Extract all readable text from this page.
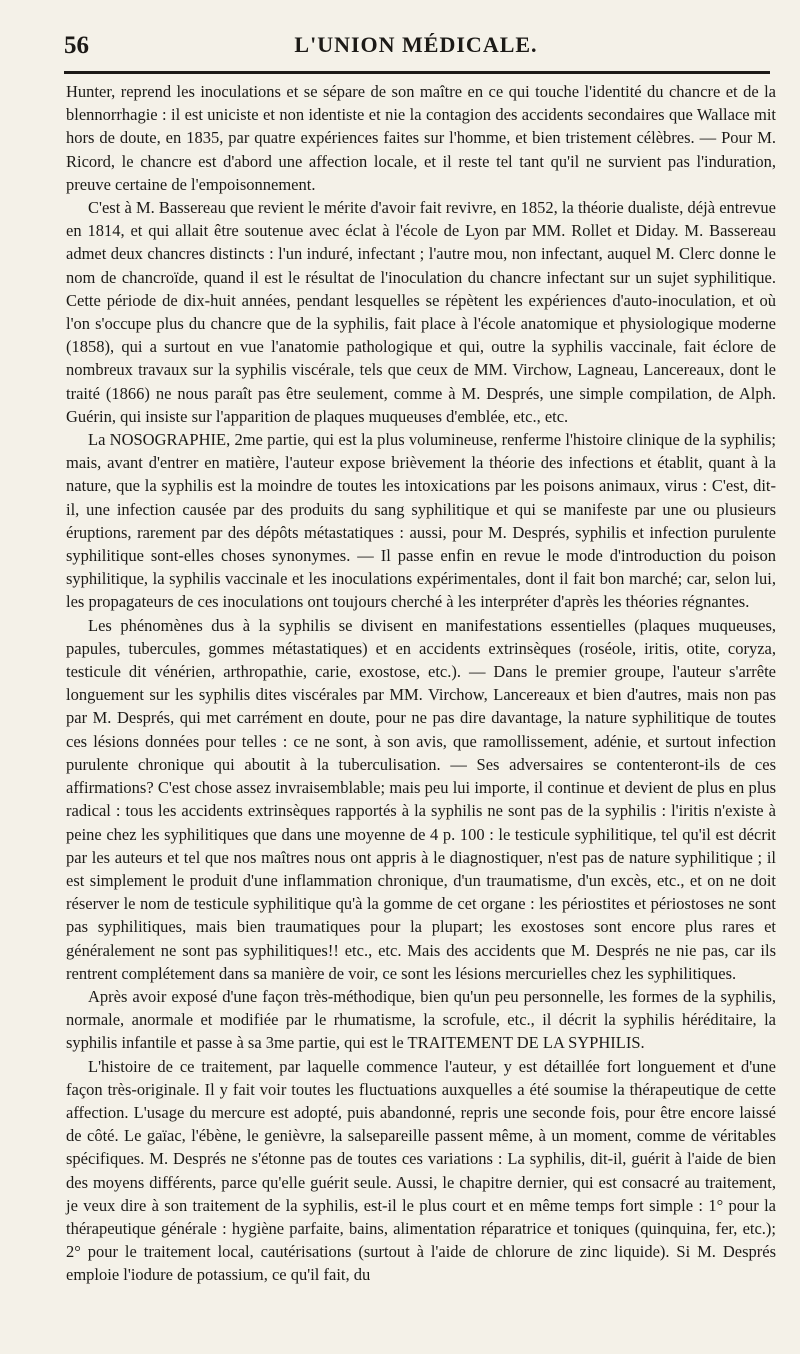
56	L'UNION MÉDICALE.

Hunter, reprend les inoculations et se sépare de son maître en ce qui touche l'identité du chancre et de la blennorrhagie : il est uniciste et non identiste et nie la contagion des accidents secondaires que Wallace mit hors de doute, en 1835, par quatre expériences faites sur l'homme, et bien tristement célèbres. — Pour M. Ricord, le chancre est d'abord une affection locale, et il reste tel tant qu'il ne survient pas l'induration, preuve certaine de l'empoisonnement.

C'est à M. Bassereau que revient le mérite d'avoir fait revivre, en 1852, la théorie dualiste, déjà entrevue en 1814, et qui allait être soutenue avec éclat à l'école de Lyon par MM. Rollet et Diday. M. Bassereau admet deux chancres distincts : l'un induré, infectant ; l'autre mou, non infectant, auquel M. Clerc donne le nom de chancroïde, quand il est le résultat de l'inoculation du chancre infectant sur un sujet syphilitique. Cette période de dix-huit années, pendant lesquelles se répètent les expériences d'auto-inoculation, et où l'on s'occupe plus du chancre que de la syphilis, fait place à l'école anatomique et physiologique moderne (1858), qui a surtout en vue l'anatomie pathologique et qui, outre la syphilis vaccinale, fait éclore de nombreux travaux sur la syphilis viscérale, tels que ceux de MM. Virchow, Lagneau, Lancereaux, dont le traité (1866) ne nous paraît pas être seulement, comme à M. Després, une simple compilation, de Alph. Guérin, qui insiste sur l'apparition de plaques muqueuses d'emblée, etc., etc.

La NOSOGRAPHIE, 2me partie, qui est la plus volumineuse, renferme l'histoire clinique de la syphilis; mais, avant d'entrer en matière, l'auteur expose brièvement la théorie des infections et établit, quant à la nature, que la syphilis est la moindre de toutes les intoxications par les poisons animaux, virus : C'est, dit-il, une infection causée par des produits du sang syphilitique et qui se manifeste par une ou plusieurs éruptions, rarement par des dépôts métastatiques : aussi, pour M. Després, syphilis et infection purulente syphilitique sont-elles choses synonymes. — Il passe enfin en revue le mode d'introduction du poison syphilitique, la syphilis vaccinale et les inoculations expérimentales, dont il fait bon marché; car, selon lui, les propagateurs de ces inoculations ont toujours cherché à les interpréter d'après les théories régnantes.

Les phénomènes dus à la syphilis se divisent en manifestations essentielles (plaques muqueuses, papules, tubercules, gommes métastatiques) et en accidents extrinsèques (roséole, iritis, otite, coryza, testicule dit vénérien, arthropathie, carie, exostose, etc.). — Dans le premier groupe, l'auteur s'arrête longuement sur les syphilis dites viscérales par MM. Virchow, Lancereaux et bien d'autres, mais non pas par M. Després, qui met carrément en doute, pour ne pas dire davantage, la nature syphilitique de toutes ces lésions données pour telles : ce ne sont, à son avis, que ramollissement, adénie, et surtout infection purulente chronique qui aboutit à la tuberculisation. — Ses adversaires se contenteront-ils de ces affirmations? C'est chose assez invraisemblable; mais peu lui importe, il continue et devient de plus en plus radical : tous les accidents extrinsèques rapportés à la syphilis ne sont pas de la syphilis : l'iritis n'existe à peine chez les syphilitiques que dans une moyenne de 4 p. 100 : le testicule syphilitique, tel qu'il est décrit par les auteurs et tel que nos maîtres nous ont appris à le diagnostiquer, n'est pas de nature syphilitique ; il est simplement le produit d'une inflammation chronique, d'un traumatisme, d'un excès, etc., et on ne doit réserver le nom de testicule syphilitique qu'à la gomme de cet organe : les périostites et périostoses ne sont pas syphilitiques, mais bien traumatiques pour la plupart; les exostoses sont encore plus rares et généralement ne sont pas syphilitiques!! etc., etc. Mais des accidents que M. Després ne nie pas, car ils rentrent complétement dans sa manière de voir, ce sont les lésions mercurielles chez les syphilitiques.

Après avoir exposé d'une façon très-méthodique, bien qu'un peu personnelle, les formes de la syphilis, normale, anormale et modifiée par le rhumatisme, la scrofule, etc., il décrit la syphilis héréditaire, la syphilis infantile et passe à sa 3me partie, qui est le TRAITEMENT DE LA SYPHILIS.

L'histoire de ce traitement, par laquelle commence l'auteur, y est détaillée fort longuement et d'une façon très-originale. Il y fait voir toutes les fluctuations auxquelles a été soumise la thérapeutique de cette affection. L'usage du mercure est adopté, puis abandonné, repris une seconde fois, pour être encore laissé de côté. Le gaïac, l'ébène, le genièvre, la salsepareille passent même, à un moment, comme de véritables spécifiques. M. Després ne s'étonne pas de toutes ces variations : La syphilis, dit-il, guérit à l'aide de bien des moyens différents, parce qu'elle guérit seule. Aussi, le chapitre dernier, qui est consacré au traitement, je veux dire à son traitement de la syphilis, est-il le plus court et en même temps fort simple : 1° pour la thérapeutique générale : hygiène parfaite, bains, alimentation réparatrice et toniques (quinquina, fer, etc.); 2° pour le traitement local, cautérisations (surtout à l'aide de chlorure de zinc liquide). Si M. Després emploie l'iodure de potassium, ce qu'il fait, du
